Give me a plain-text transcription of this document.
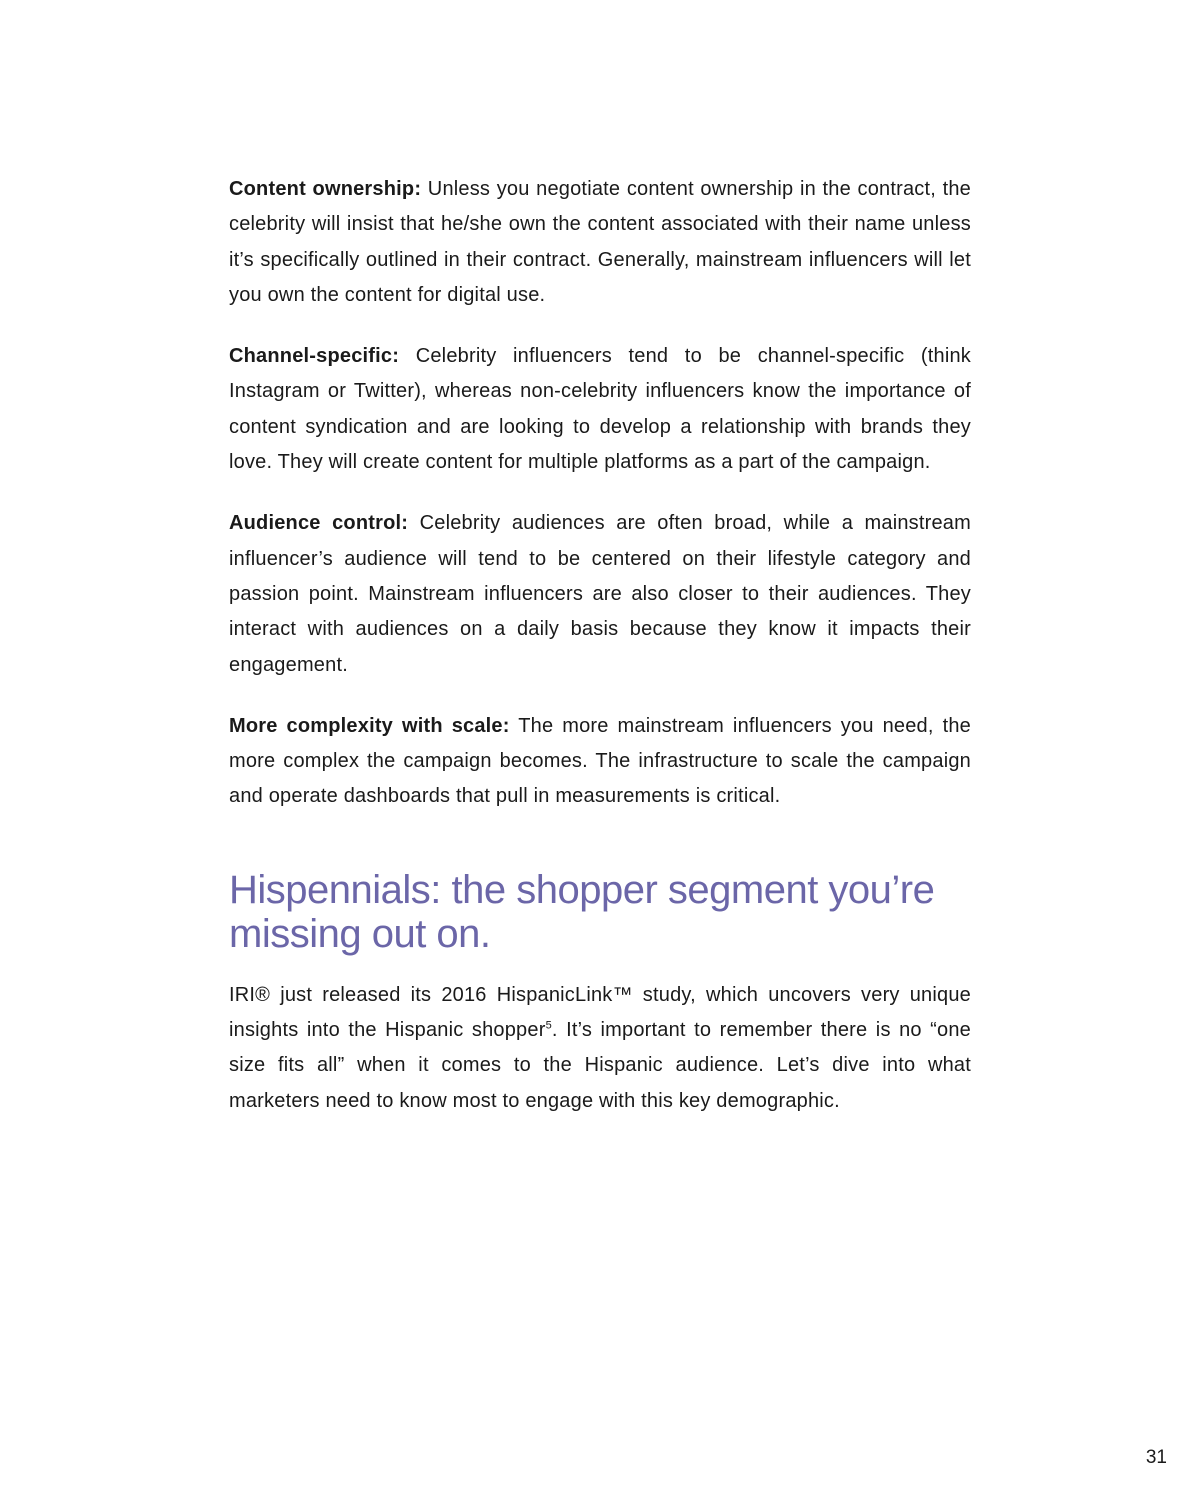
Content ownership: Unless you negotiate content ownership in the contract, the celebrity will insist that he/she own the content associated with their name unless it’s specifically outlined in their contract. Generally, mainstream influencers will let you own the content for digital use.

Channel-specific: Celebrity influencers tend to be channel-specific (think Instagram or Twitter), whereas non-celebrity influencers know the importance of content syndication and are looking to develop a relationship with brands they love. They will create content for multiple platforms as a part of the campaign.

Audience control: Celebrity audiences are often broad, while a mainstream influencer’s audience will tend to be centered on their lifestyle category and passion point. Mainstream influencers are also closer to their audiences. They interact with audiences on a daily basis because they know it impacts their engagement.

More complexity with scale: The more mainstream influencers you need, the more complex the campaign becomes. The infrastructure to scale the campaign and operate dashboards that pull in measurements is critical.

Hispennials: the shopper segment you’re missing out on.

IRI® just released its 2016 HispanicLink™ study, which uncovers very unique insights into the Hispanic shopper$^5$. It’s important to remember there is no “one size fits all” when it comes to the Hispanic audience. Let’s dive into what marketers need to know most to engage with this key demographic.

31
